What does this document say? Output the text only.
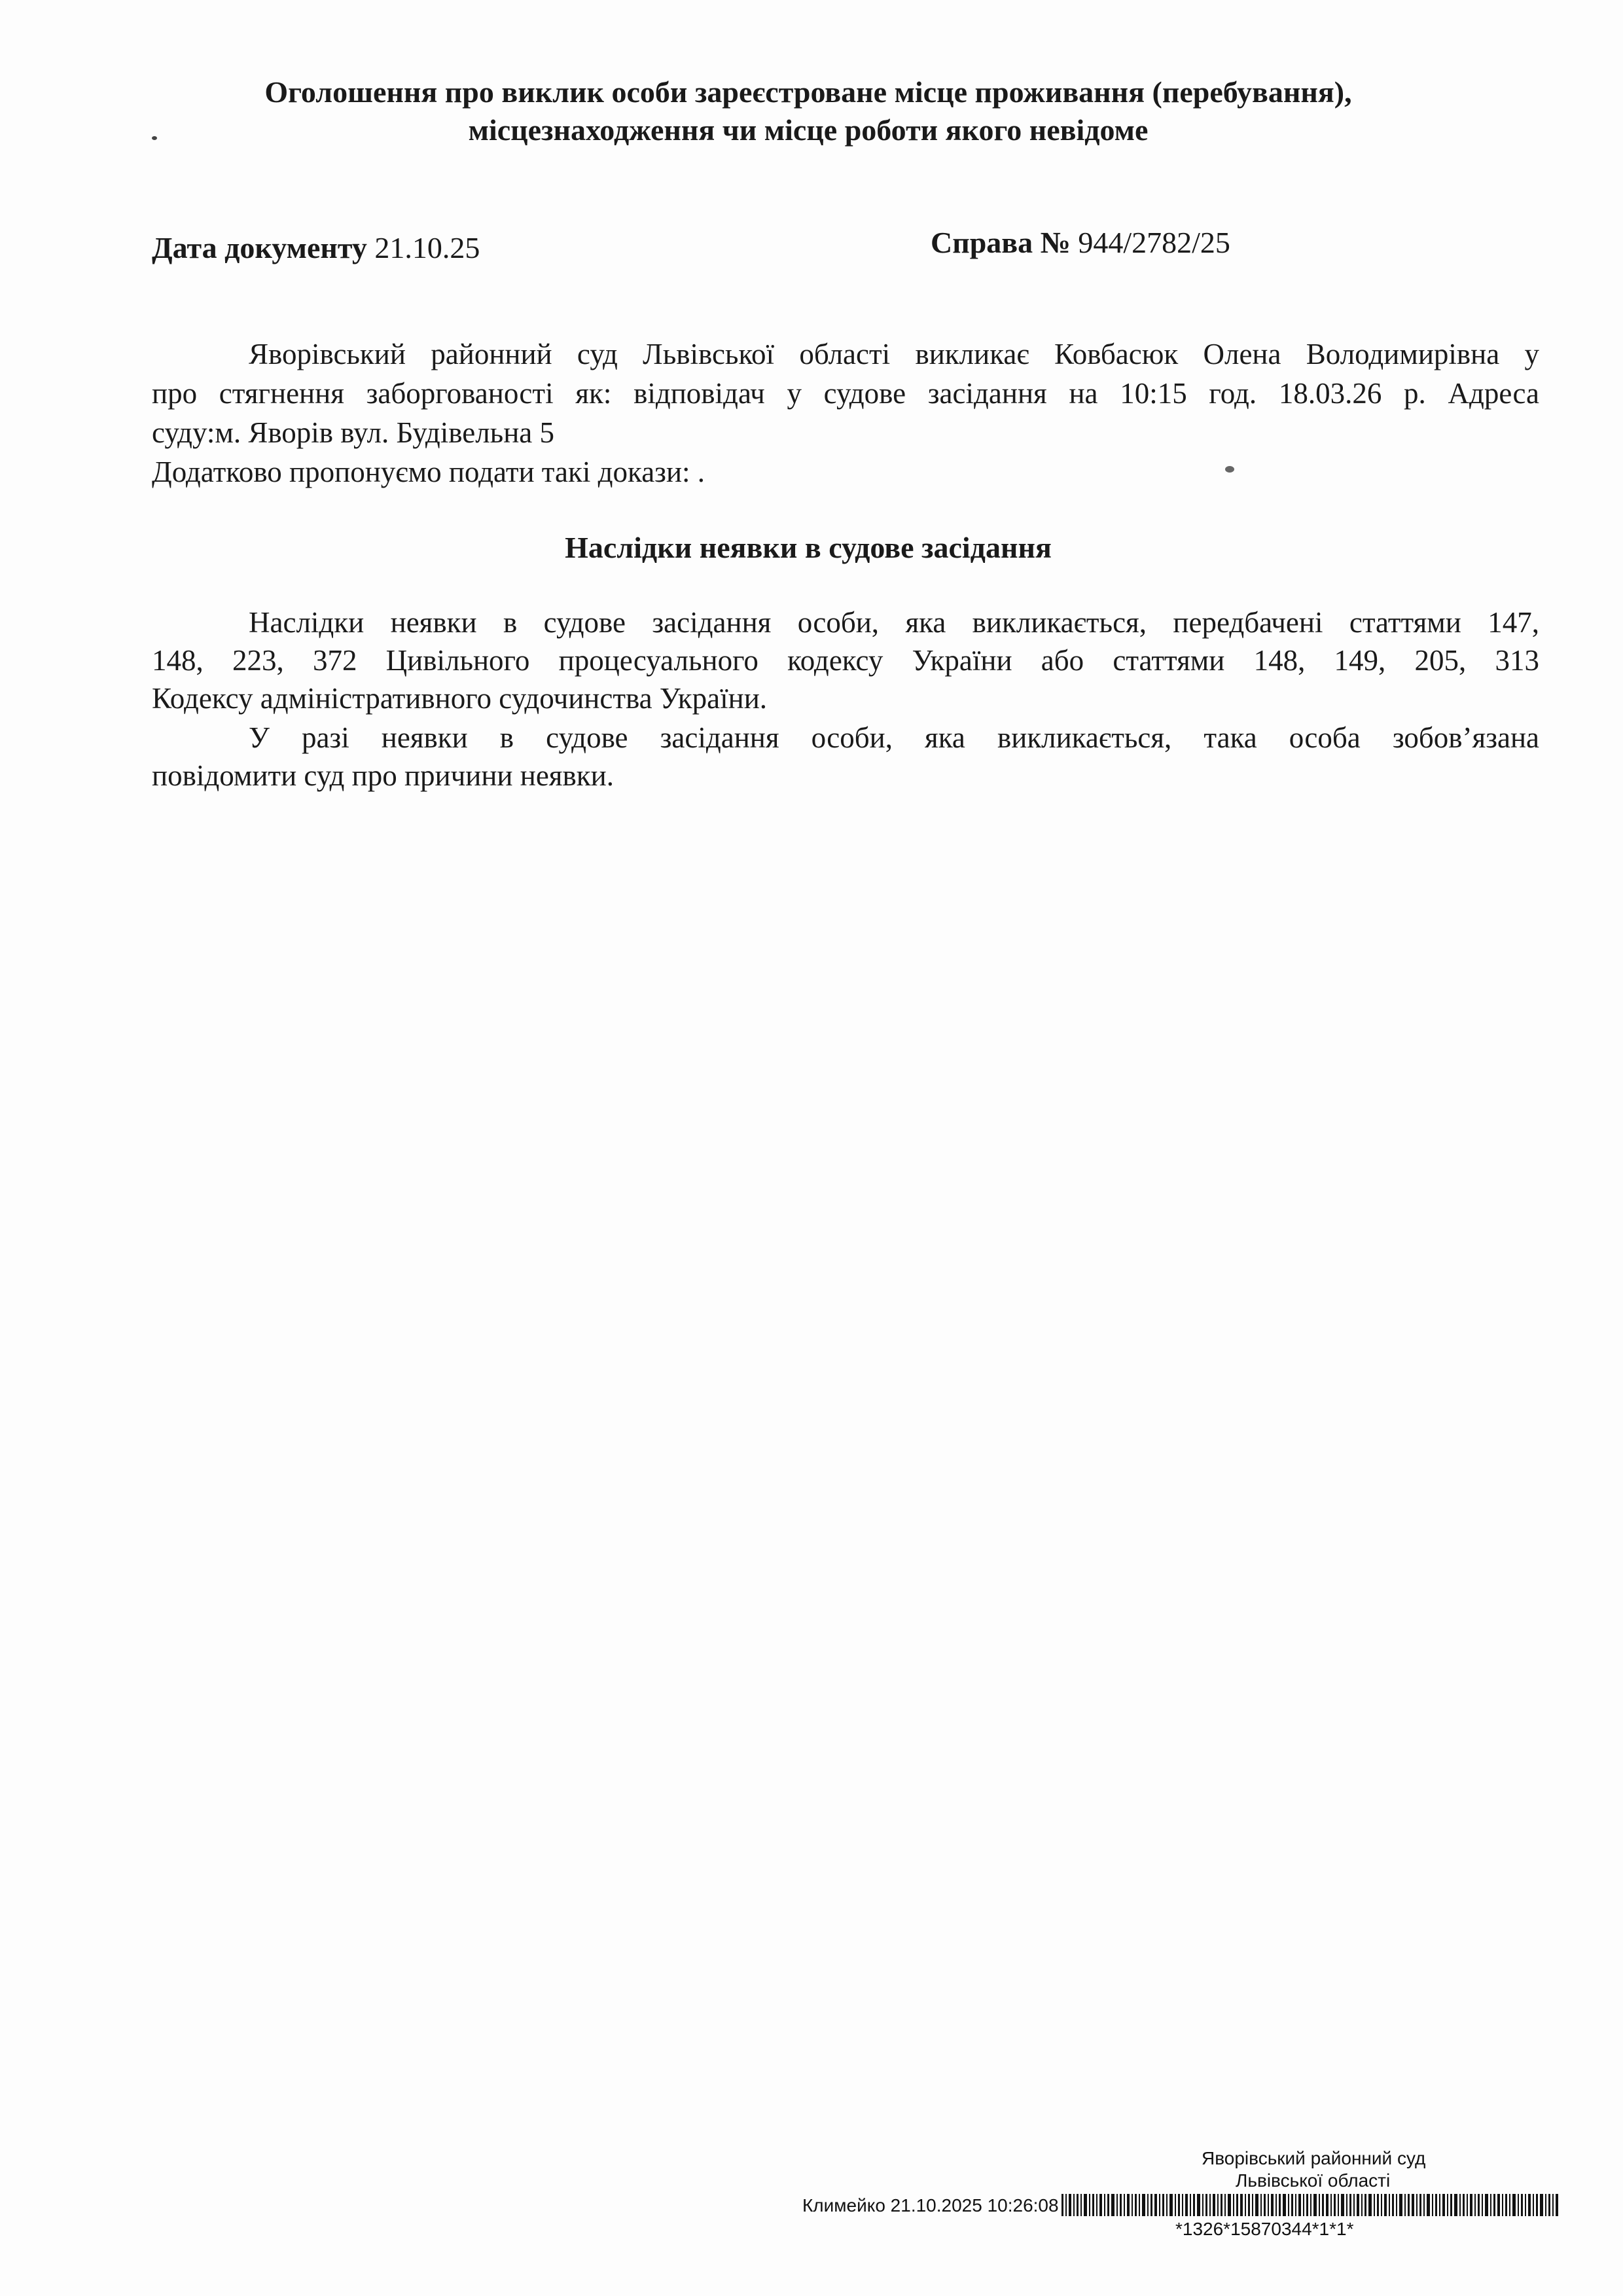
Оголошення про виклик особи зареєстроване місце проживання (перебування),
місцезнаходження чи місце роботи якого невідоме
Дата документу 21.10.25	Справа № 944/2782/25
Яворівський районний суд Львівської області викликає Ковбасюк Олена Володимирівна у
про стягнення заборгованості як: відповідач у судове засідання на 10:15 год. 18.03.26 р. Адреса
суду:м. Яворів вул. Будівельна 5
Додатково пропонуємо подати такі докази: .
Наслідки неявки в судове засідання
Наслідки неявки в судове засідання особи, яка викликається, передбачені статтями 147,
148, 223, 372 Цивільного процесуального кодексу України або статтями 148, 149, 205, 313
Кодексу адміністративного судочинства України.
У разі неявки в судове засідання особи, яка викликається, така особа зобов’язана
повідомити суд про причини неявки.
Яворівський районний суд
Львівської області
Климейко 21.10.2025 10:26:08
*1326*15870344*1*1*
